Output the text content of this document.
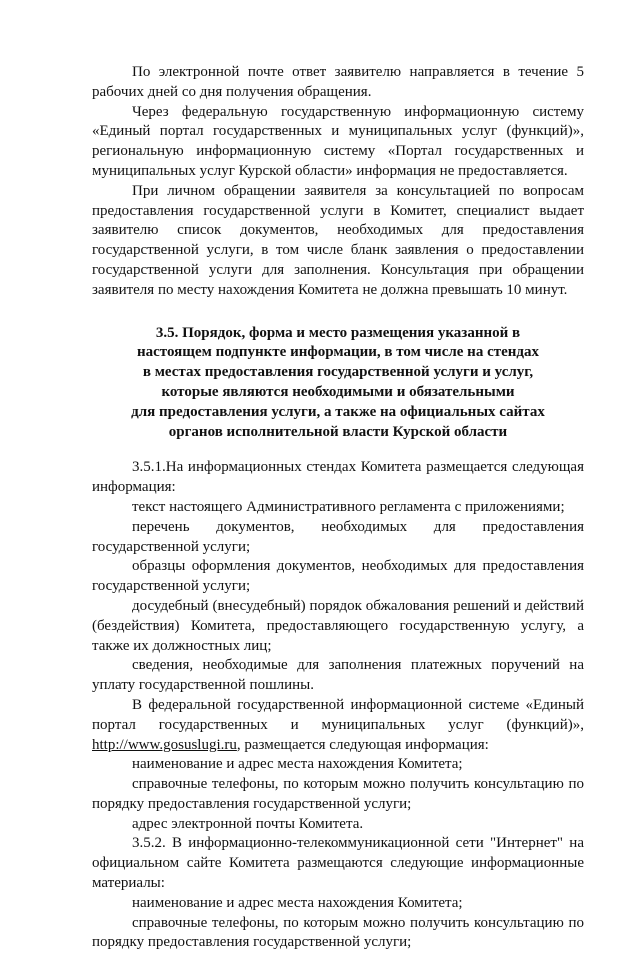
По электронной почте ответ заявителю направляется в течение 5 рабочих дней со дня получения обращения.

Через федеральную государственную информационную систему «Единый портал государственных и муниципальных услуг (функций)», региональную информационную систему «Портал государственных и муниципальных услуг Курской области» информация не предоставляется.

При личном обращении заявителя за консультацией по вопросам предоставления государственной услуги в Комитет, специалист выдает заявителю список документов, необходимых для предоставления государственной услуги, в том числе бланк заявления о предоставлении государственной услуги для заполнения. Консультация при обращении заявителя по месту нахождения Комитета не должна превышать 10 минут.

3.5. Порядок, форма и место размещения указанной в
настоящем подпункте информации, в том числе на стендах
в местах предоставления государственной услуги и услуг,
которые являются необходимыми и обязательными
для предоставления услуги, а также на официальных сайтах
органов исполнительной власти Курской области

3.5.1.На информационных стендах Комитета размещается следующая информация:

текст настоящего Административного регламента с приложениями;

перечень документов, необходимых для предоставления государственной услуги;

образцы оформления документов, необходимых для предоставления государственной услуги;

досудебный (внесудебный) порядок обжалования решений и действий (бездействия) Комитета, предоставляющего государственную услугу, а также их должностных лиц;

сведения, необходимые для заполнения платежных поручений на уплату государственной пошлины.

В федеральной государственной информационной системе «Единый портал государственных и муниципальных услуг (функций)», http://www.gosuslugi.ru, размещается следующая информация:

наименование и адрес места нахождения Комитета;

справочные телефоны, по которым можно получить консультацию по порядку предоставления государственной услуги;

адрес электронной почты Комитета.

3.5.2. В информационно-телекоммуникационной сети "Интернет" на официальном сайте Комитета размещаются следующие информационные материалы:

наименование и адрес места нахождения Комитета;

справочные телефоны, по которым можно получить консультацию по порядку предоставления государственной услуги;
